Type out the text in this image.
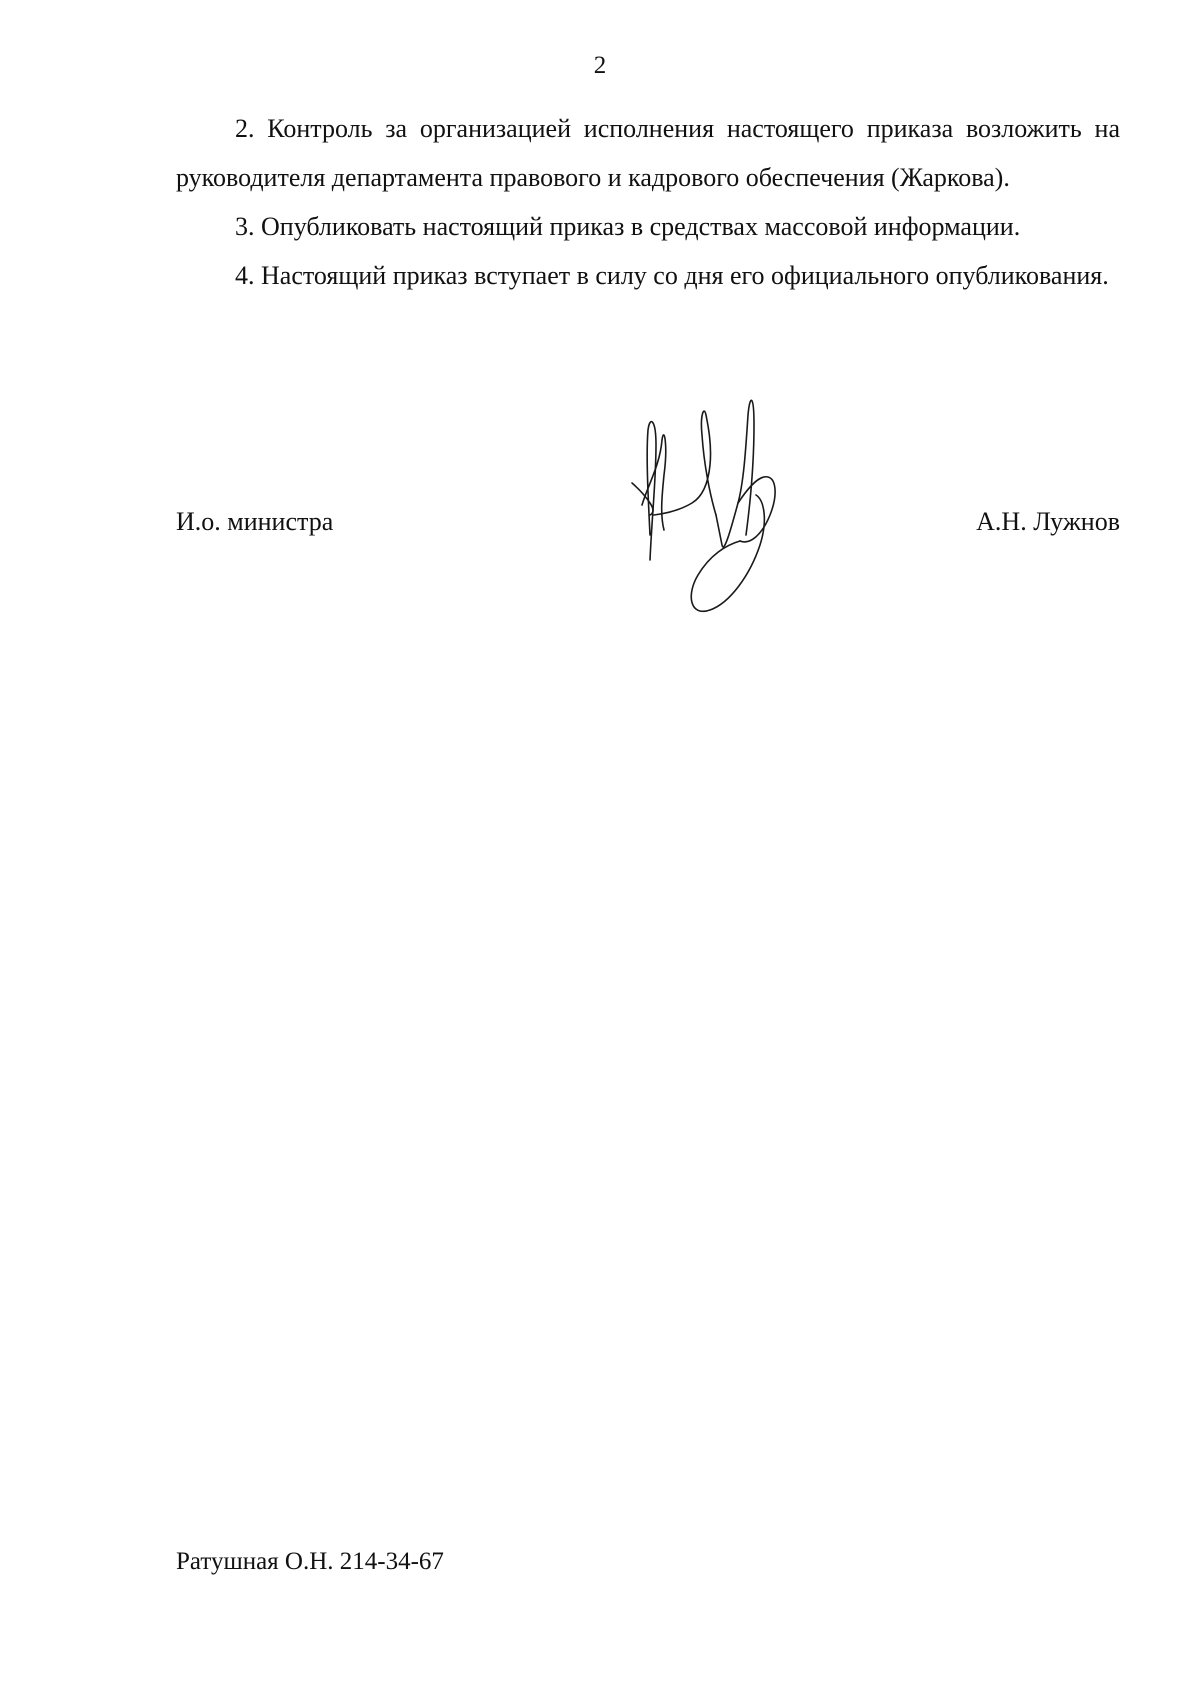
2

2. Контроль за организацией исполнения настоящего приказа возложить на руководителя департамента правового и кадрового обеспечения (Жаркова).

3. Опубликовать настоящий приказ в средствах массовой информации.

4. Настоящий приказ вступает в силу со дня его официального опубликования.

И.о. министра	А.Н. Лужнов
Ратушная О.Н. 214-34-67
